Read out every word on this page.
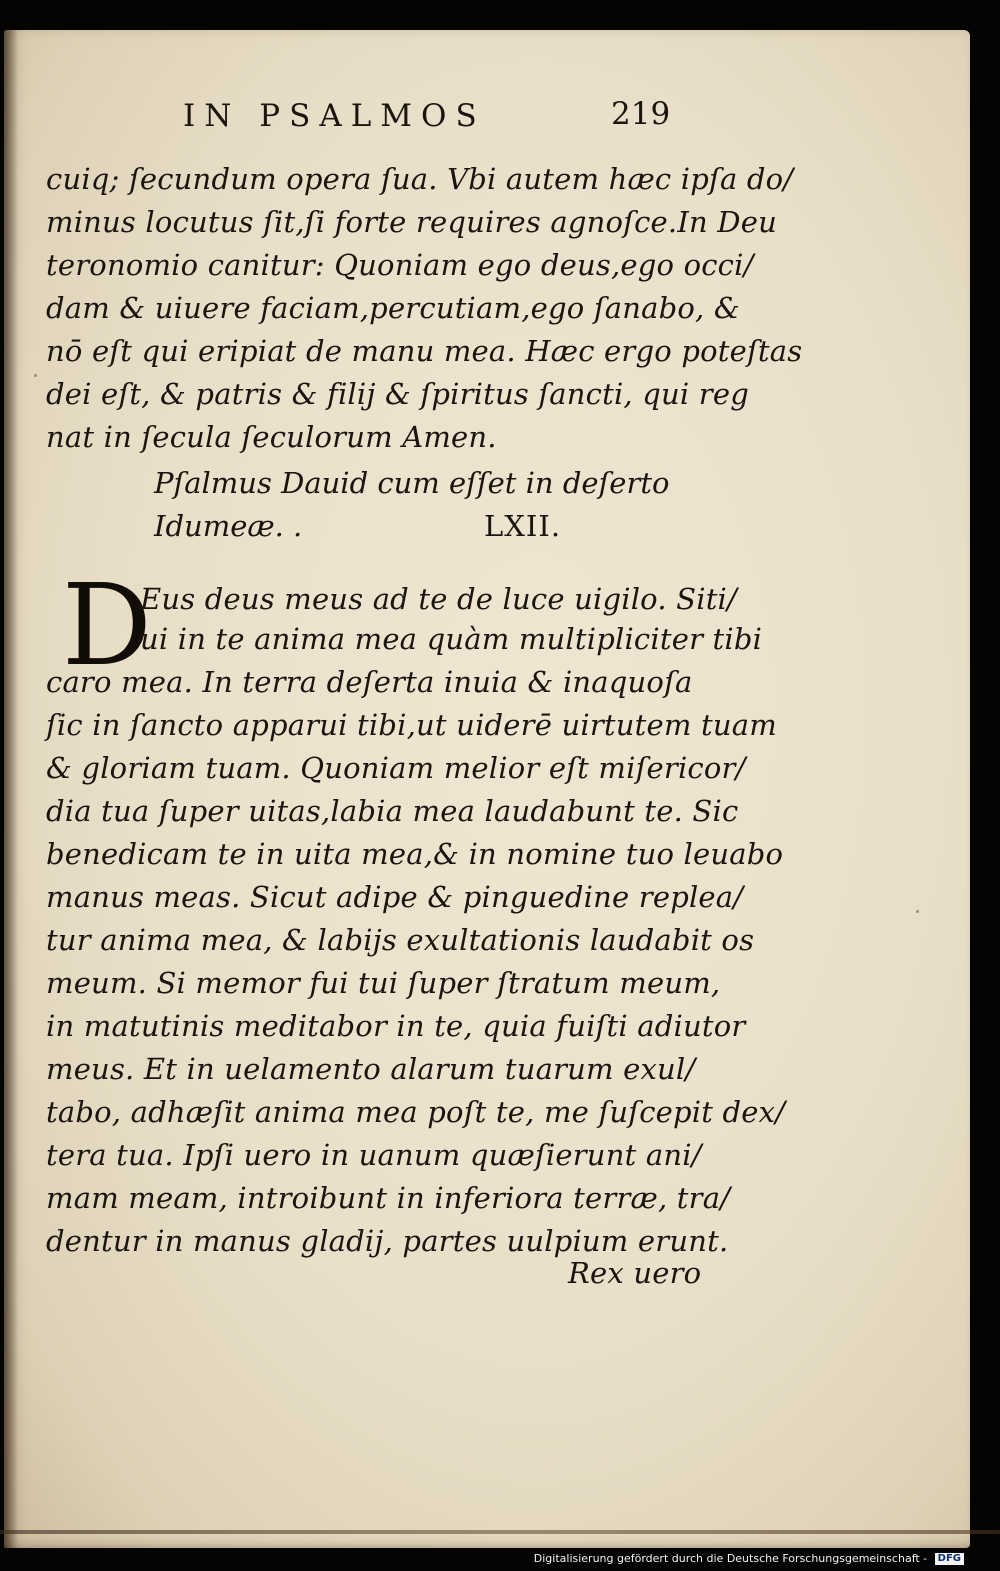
IN PSALMOS	219
cuiq; ſecundum opera ſua. Vbi autem hæc ipſa do/
minus locutus ſit,ſi forte requires agnoſce.In Deu
teronomio canitur: Quoniam ego deus,ego occi/
dam & uiuere faciam,percutiam,ego ſanabo, &
nō eſt qui eripiat de manu mea. Hæc ergo poteſtas
dei eſt, & patris & filij & ſpiritus ſancti, qui reg
nat in ſecula ſeculorum Amen.
Pſalmus Dauid cum eſſet in deſerto
Idumeæ. .	LXII.
D
Eus deus meus ad te de luce uigilo. Siti/
ui in te anima mea quàm multipliciter tibi
caro mea. In terra deſerta inuia & inaquoſa
ſic in ſancto apparui tibi,ut uiderē uirtutem tuam
& gloriam tuam. Quoniam melior eſt miſericor/
dia tua ſuper uitas,labia mea laudabunt te. Sic
benedicam te in uita mea,& in nomine tuo leuabo
manus meas. Sicut adipe & pinguedine replea/
tur anima mea, & labijs exultationis laudabit os
meum. Si memor fui tui ſuper ſtratum meum,
in matutinis meditabor in te, quia fuiſti adiutor
meus. Et in uelamento alarum tuarum exul/
tabo, adhæſit anima mea poſt te, me ſuſcepit dex/
tera tua. Ipſi uero in uanum quæſierunt ani/
mam meam, introibunt in inferiora terræ, tra/
dentur in manus gladij, partes uulpium erunt.
Rex uero
Digitalisierung gefördert durch die Deutsche Forschungsgemeinschaft - DFG
